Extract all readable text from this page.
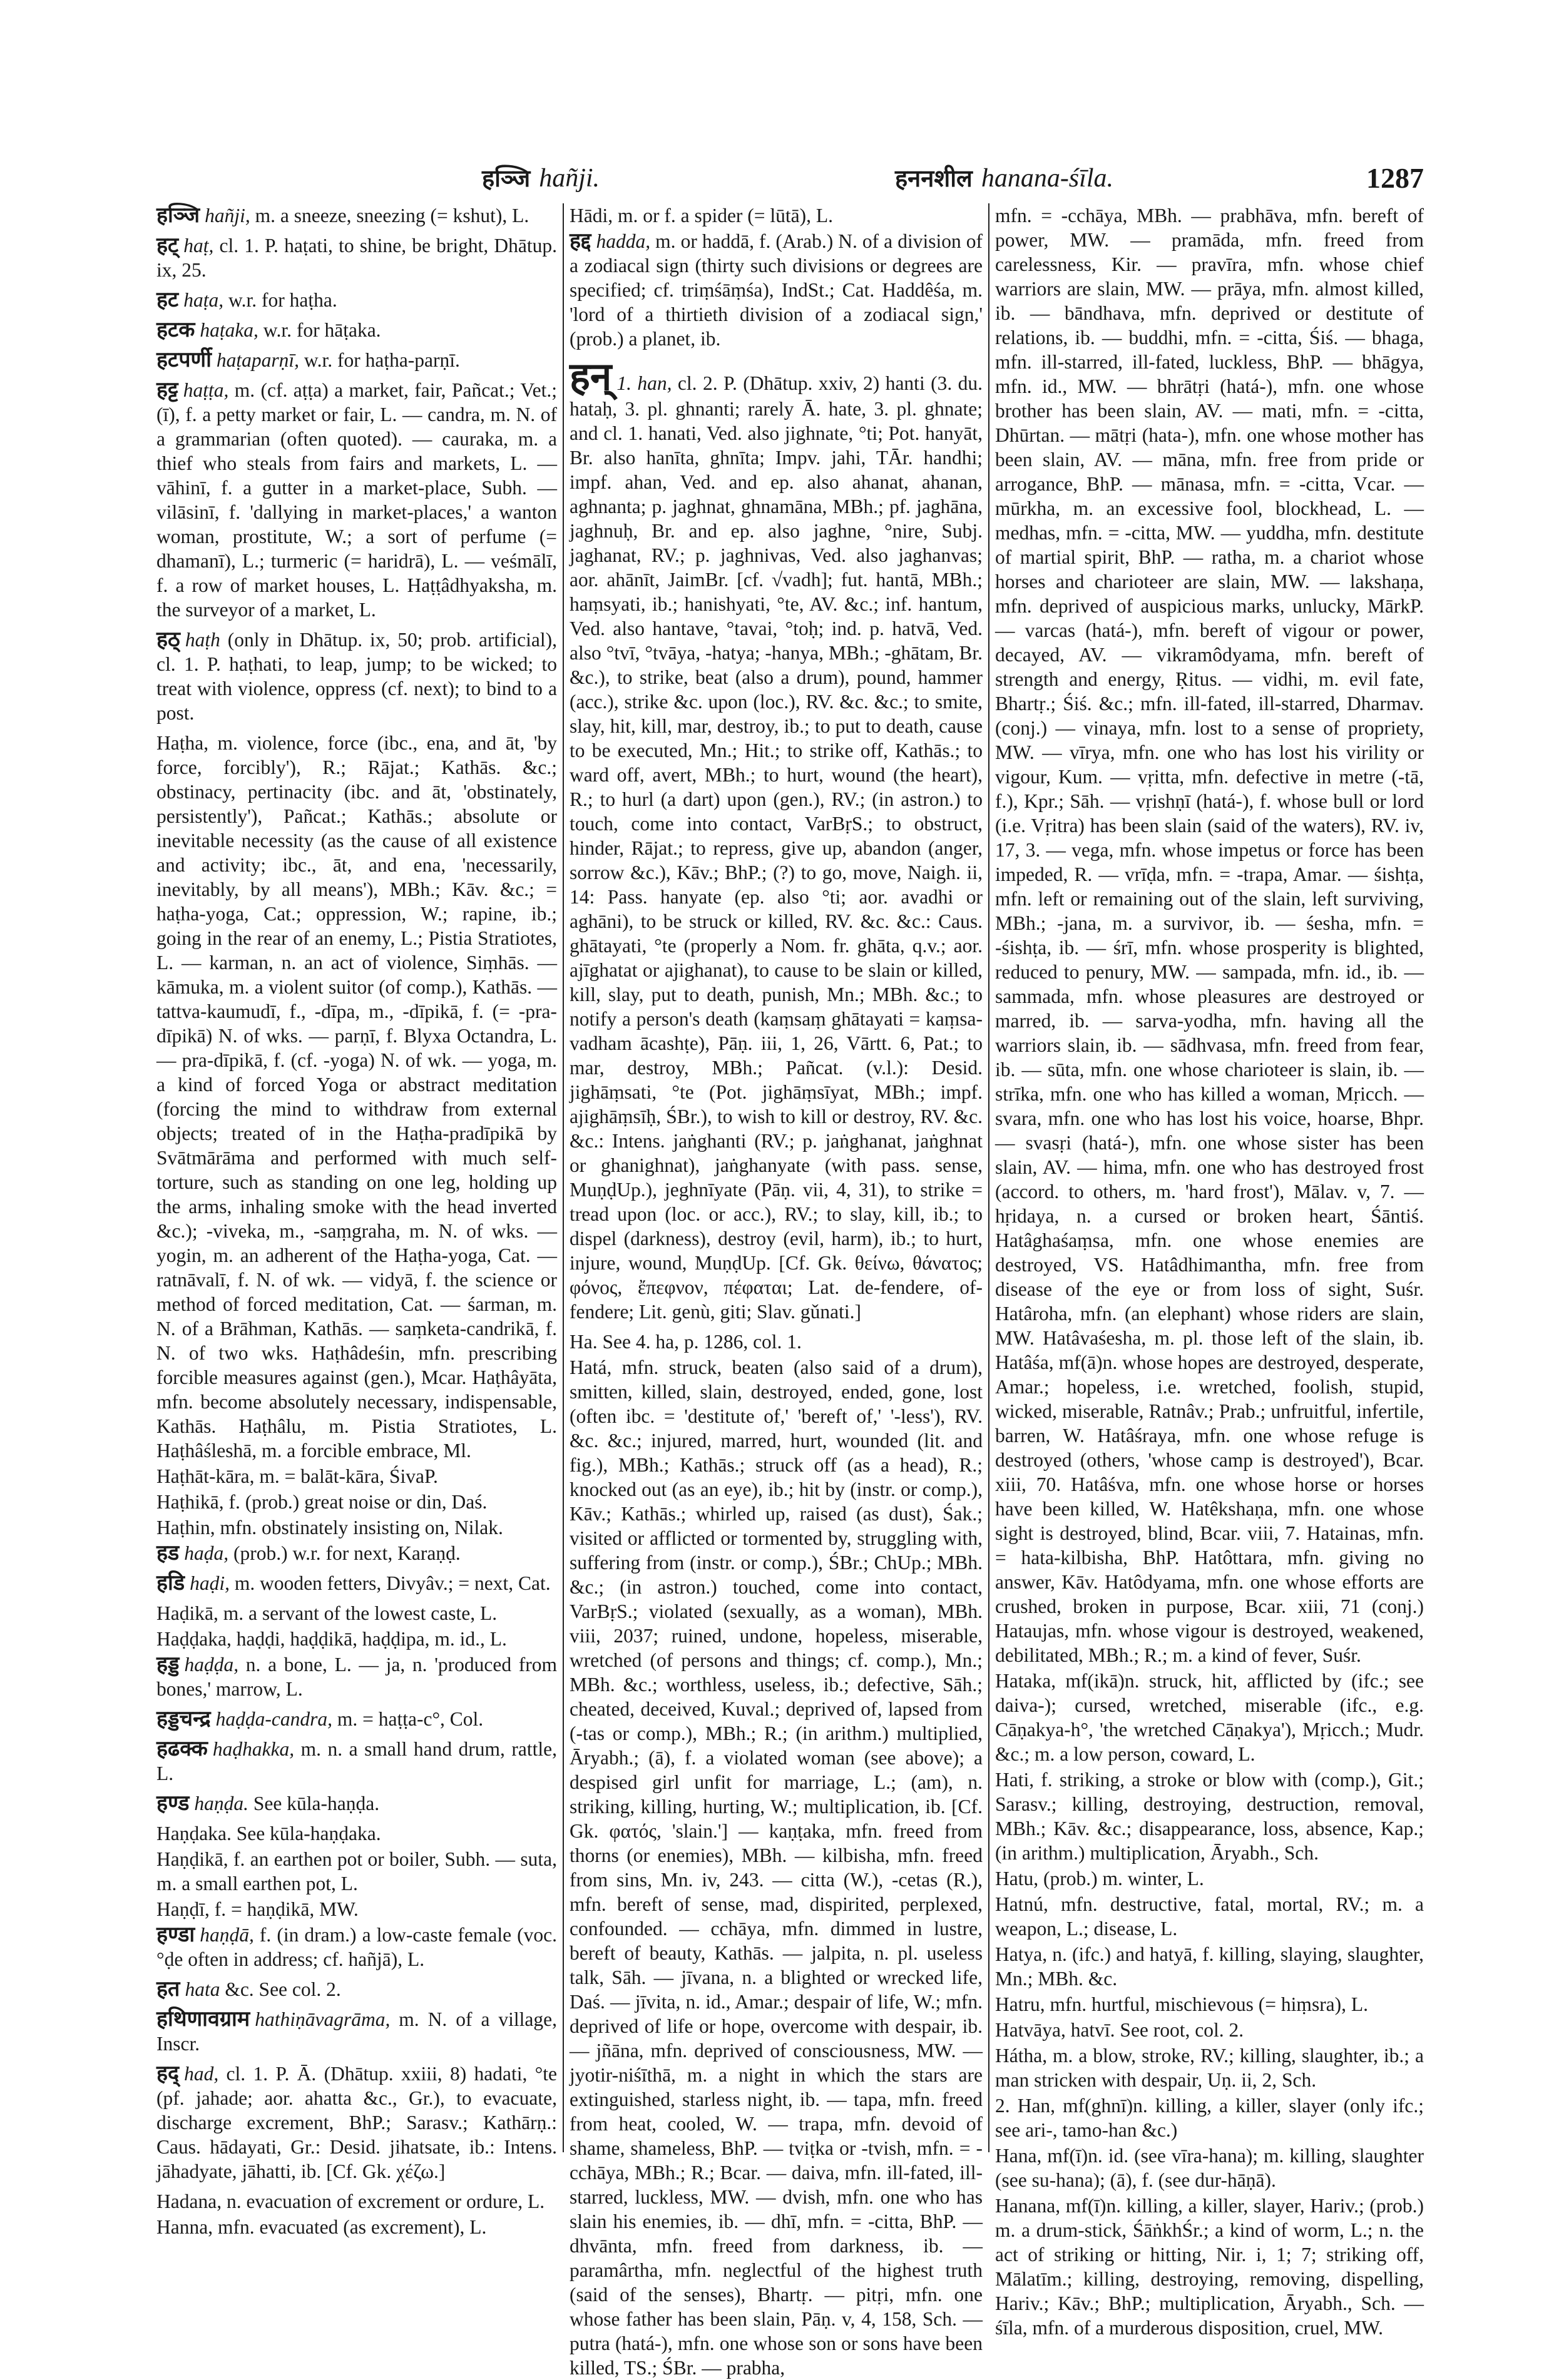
हञ्जि hañji.	हननशील hanana-śīla.	1287

हञ्जि hañji, m. a sneeze, sneezing (= kshut), L.

हट् haṭ, cl. 1. P. haṭati, to shine, be bright, Dhātup. ix, 25.

हट haṭa, w.r. for haṭha.

हटक haṭaka, w.r. for hāṭaka.

हटपर्णी haṭaparṇī, w.r. for haṭha-parṇī.

हट्ट haṭṭa, m. (cf. aṭṭa) a market, fair, Pañcat.; Vet.; (ī), f. a petty market or fair, L. — candra, m. N. of a grammarian (often quoted). — cauraka, m. a thief who steals from fairs and markets, L. — vāhinī, f. a gutter in a market-place, Subh. — vilāsinī, f. 'dallying in market-places,' a wanton woman, prostitute, W.; a sort of perfume (= dhamanī), L.; turmeric (= haridrā), L. — veśmālī, f. a row of market houses, L. Haṭṭâdhyaksha, m. the surveyor of a market, L.

हठ् haṭh (only in Dhātup. ix, 50; prob. artificial), cl. 1. P. haṭhati, to leap, jump; to be wicked; to treat with violence, oppress (cf. next); to bind to a post.

Haṭha, m. violence, force (ibc., ena, and āt, 'by force, forcibly'), R.; Rājat.; Kathās. &c.; obstinacy, pertinacity (ibc. and āt, 'obstinately, persistently'), Pañcat.; Kathās.; absolute or inevitable necessity (as the cause of all existence and activity; ibc., āt, and ena, 'necessarily, inevitably, by all means'), MBh.; Kāv. &c.; = haṭha-yoga, Cat.; oppression, W.; rapine, ib.; going in the rear of an enemy, L.; Pistia Stratiotes, L. — karman, n. an act of violence, Siṃhās. — kāmuka, m. a violent suitor (of comp.), Kathās. — tattva-kaumudī, f., -dīpa, m., -dīpikā, f. (= -pra-dīpikā) N. of wks. — parṇī, f. Blyxa Octandra, L. — pra-dīpikā, f. (cf. -yoga) N. of wk. — yoga, m. a kind of forced Yoga or abstract meditation (forcing the mind to withdraw from external objects; treated of in the Haṭha-pradīpikā by Svātmārāma and performed with much self-torture, such as standing on one leg, holding up the arms, inhaling smoke with the head inverted &c.); -viveka, m., -saṃgraha, m. N. of wks. — yogin, m. an adherent of the Haṭha-yoga, Cat. — ratnāvalī, f. N. of wk. — vidyā, f. the science or method of forced meditation, Cat. — śarman, m. N. of a Brāhman, Kathās. — saṃketa-candrikā, f. N. of two wks. Haṭhâdeśin, mfn. prescribing forcible measures against (gen.), Mcar. Haṭhâyāta, mfn. become absolutely necessary, indispensable, Kathās. Haṭhâlu, m. Pistia Stratiotes, L. Haṭhâśleshā, m. a forcible embrace, Ml.

Haṭhāt-kāra, m. = balāt-kāra, ŚivaP.

Haṭhikā, f. (prob.) great noise or din, Daś.

Haṭhin, mfn. obstinately insisting on, Nilak.

हड haḍa, (prob.) w.r. for next, Karaṇḍ.

हडि haḍi, m. wooden fetters, Divyâv.; = next, Cat.

Haḍikā, m. a servant of the lowest caste, L.

Haḍḍaka, haḍḍi, haḍḍikā, haḍḍipa, m. id., L.

हड्ड haḍḍa, n. a bone, L. — ja, n. 'produced from bones,' marrow, L.

हड्डचन्द्र haḍḍa-candra, m. = haṭṭa-c°, Col.

हढक्क haḍhakka, m. n. a small hand drum, rattle, L.

हण्ड haṇḍa. See kūla-haṇḍa.

Haṇḍaka. See kūla-haṇḍaka.

Haṇḍikā, f. an earthen pot or boiler, Subh. — suta, m. a small earthen pot, L.

Haṇḍī, f. = haṇḍikā, MW.

हण्डा haṇḍā, f. (in dram.) a low-caste female (voc. °ḍe often in address; cf. hañjā), L.

हत hata &c. See col. 2.

हथिणावग्राम hathiṇāvagrāma, m. N. of a village, Inscr.

हद् had, cl. 1. P. Ā. (Dhātup. xxiii, 8) hadati, °te (pf. jahade; aor. ahatta &c., Gr.), to evacuate, discharge excrement, BhP.; Sarasv.; Kathārṇ.: Caus. hādayati, Gr.: Desid. jihatsate, ib.: Intens. jāhadyate, jāhatti, ib. [Cf. Gk. χέζω.]

Hadana, n. evacuation of excrement or ordure, L.

Hanna, mfn. evacuated (as excrement), L.

Hādi, m. or f. a spider (= lūtā), L.

हद्द hadda, m. or haddā, f. (Arab.) N. of a division of a zodiacal sign (thirty such divisions or degrees are specified; cf. triṃśāṃśa), IndSt.; Cat. Haddêśa, m. 'lord of a thirtieth division of a zodiacal sign,' (prob.) a planet, ib.

हन् 1. han, cl. 2. P. (Dhātup. xxiv, 2) hanti (3. du. hataḥ, 3. pl. ghnanti; rarely Ā. hate, 3. pl. ghnate; and cl. 1. hanati, Ved. also jighnate, °ti; Pot. hanyāt, Br. also hanīta, ghnīta; Impv. jahi, TĀr. handhi; impf. ahan, Ved. and ep. also ahanat, ahanan, aghnanta; p. jaghnat, ghnamāna, MBh.; pf. jaghāna, jaghnuḥ, Br. and ep. also jaghne, °nire, Subj. jaghanat, RV.; p. jaghnivas, Ved. also jaghanvas; aor. ahānīt, JaimBr. [cf. √vadh]; fut. hantā, MBh.; haṃsyati, ib.; hanishyati, °te, AV. &c.; inf. hantum, Ved. also hantave, °tavai, °toḥ; ind. p. hatvā, Ved. also °tvī, °tvāya, -hatya; -hanya, MBh.; -ghātam, Br. &c.), to strike, beat (also a drum), pound, hammer (acc.), strike &c. upon (loc.), RV. &c. &c.; to smite, slay, hit, kill, mar, destroy, ib.; to put to death, cause to be executed, Mn.; Hit.; to strike off, Kathās.; to ward off, avert, MBh.; to hurt, wound (the heart), R.; to hurl (a dart) upon (gen.), RV.; (in astron.) to touch, come into contact, VarBṛS.; to obstruct, hinder, Rājat.; to repress, give up, abandon (anger, sorrow &c.), Kāv.; BhP.; (?) to go, move, Naigh. ii, 14: Pass. hanyate (ep. also °ti; aor. avadhi or aghāni), to be struck or killed, RV. &c. &c.: Caus. ghātayati, °te (properly a Nom. fr. ghāta, q.v.; aor. ajīghatat or ajighanat), to cause to be slain or killed, kill, slay, put to death, punish, Mn.; MBh. &c.; to notify a person's death (kaṃsaṃ ghātayati = kaṃsa-vadham ācashṭe), Pāṇ. iii, 1, 26, Vārtt. 6, Pat.; to mar, destroy, MBh.; Pañcat. (v.l.): Desid. jighāṃsati, °te (Pot. jighāṃsīyat, MBh.; impf. ajighāṃsīḥ, ŚBr.), to wish to kill or destroy, RV. &c. &c.: Intens. jaṅghanti (RV.; p. jaṅghanat, jaṅghnat or ghanighnat), jaṅghanyate (with pass. sense, MuṇḍUp.), jeghnīyate (Pāṇ. vii, 4, 31), to strike = tread upon (loc. or acc.), RV.; to slay, kill, ib.; to dispel (darkness), destroy (evil, harm), ib.; to hurt, injure, wound, MuṇḍUp. [Cf. Gk. θείνω, θάνατος; φόνος, ἔπεφνον, πέφαται; Lat. de-fendere, of-fendere; Lit. genù, giti; Slav. gǔnati.]

Ha. See 4. ha, p. 1286, col. 1.

Hatá, mfn. struck, beaten (also said of a drum), smitten, killed, slain, destroyed, ended, gone, lost (often ibc. = 'destitute of,' 'bereft of,' '-less'), RV. &c. &c.; injured, marred, hurt, wounded (lit. and fig.), MBh.; Kathās.; struck off (as a head), R.; knocked out (as an eye), ib.; hit by (instr. or comp.), Kāv.; Kathās.; whirled up, raised (as dust), Śak.; visited or afflicted or tormented by, struggling with, suffering from (instr. or comp.), ŚBr.; ChUp.; MBh. &c.; (in astron.) touched, come into contact, VarBṛS.; violated (sexually, as a woman), MBh. viii, 2037; ruined, undone, hopeless, miserable, wretched (of persons and things; cf. comp.), Mn.; MBh. &c.; worthless, useless, ib.; defective, Sāh.; cheated, deceived, Kuval.; deprived of, lapsed from (-tas or comp.), MBh.; R.; (in arithm.) multiplied, Āryabh.; (ā), f. a violated woman (see above); a despised girl unfit for marriage, L.; (am), n. striking, killing, hurting, W.; multiplication, ib. [Cf. Gk. φατός, 'slain.'] — kaṇṭaka, mfn. freed from thorns (or enemies), MBh. — kilbisha, mfn. freed from sins, Mn. iv, 243. — citta (W.), -cetas (R.), mfn. bereft of sense, mad, dispirited, perplexed, confounded. — cchāya, mfn. dimmed in lustre, bereft of beauty, Kathās. — jalpita, n. pl. useless talk, Sāh. — jīvana, n. a blighted or wrecked life, Daś. — jīvita, n. id., Amar.; despair of life, W.; mfn. deprived of life or hope, overcome with despair, ib. — jñāna, mfn. deprived of consciousness, MW. — jyotir-niśīthā, m. a night in which the stars are extinguished, starless night, ib. — tapa, mfn. freed from heat, cooled, W. — trapa, mfn. devoid of shame, shameless, BhP. — tviṭka or -tvish, mfn. = -cchāya, MBh.; R.; Bcar. — daiva, mfn. ill-fated, ill-starred, luckless, MW. — dvish, mfn. one who has slain his enemies, ib. — dhī, mfn. = -citta, BhP. — dhvānta, mfn. freed from darkness, ib. — paramârtha, mfn. neglectful of the highest truth (said of the senses), Bhartṛ. — pitṛi, mfn. one whose father has been slain, Pāṇ. v, 4, 158, Sch. — putra (hatá-), mfn. one whose son or sons have been killed, TS.; ŚBr. — prabha,

mfn. = -cchāya, MBh. — prabhāva, mfn. bereft of power, MW. — pramāda, mfn. freed from carelessness, Kir. — pravīra, mfn. whose chief warriors are slain, MW. — prāya, mfn. almost killed, ib. — bāndhava, mfn. deprived or destitute of relations, ib. — buddhi, mfn. = -citta, Śiś. — bhaga, mfn. ill-starred, ill-fated, luckless, BhP. — bhāgya, mfn. id., MW. — bhrātṛi (hatá-), mfn. one whose brother has been slain, AV. — mati, mfn. = -citta, Dhūrtan. — mātṛi (hata-), mfn. one whose mother has been slain, AV. — māna, mfn. free from pride or arrogance, BhP. — mānasa, mfn. = -citta, Vcar. — mūrkha, m. an excessive fool, blockhead, L. — medhas, mfn. = -citta, MW. — yuddha, mfn. destitute of martial spirit, BhP. — ratha, m. a chariot whose horses and charioteer are slain, MW. — lakshaṇa, mfn. deprived of auspicious marks, unlucky, MārkP. — varcas (hatá-), mfn. bereft of vigour or power, decayed, AV. — vikramôdyama, mfn. bereft of strength and energy, Ṛitus. — vidhi, m. evil fate, Bhartṛ.; Śiś. &c.; mfn. ill-fated, ill-starred, Dharmav. (conj.) — vinaya, mfn. lost to a sense of propriety, MW. — vīrya, mfn. one who has lost his virility or vigour, Kum. — vṛitta, mfn. defective in metre (-tā, f.), Kpr.; Sāh. — vṛishṇī (hatá-), f. whose bull or lord (i.e. Vṛitra) has been slain (said of the waters), RV. iv, 17, 3. — vega, mfn. whose impetus or force has been impeded, R. — vrīḍa, mfn. = -trapa, Amar. — śishṭa, mfn. left or remaining out of the slain, left surviving, MBh.; -jana, m. a survivor, ib. — śesha, mfn. = -śishṭa, ib. — śrī, mfn. whose prosperity is blighted, reduced to penury, MW. — sampada, mfn. id., ib. — sammada, mfn. whose pleasures are destroyed or marred, ib. — sarva-yodha, mfn. having all the warriors slain, ib. — sādhvasa, mfn. freed from fear, ib. — sūta, mfn. one whose charioteer is slain, ib. — strīka, mfn. one who has killed a woman, Mṛicch. — svara, mfn. one who has lost his voice, hoarse, Bhpr. — svasṛi (hatá-), mfn. one whose sister has been slain, AV. — hima, mfn. one who has destroyed frost (accord. to others, m. 'hard frost'), Mālav. v, 7. — hṛidaya, n. a cursed or broken heart, Śāntiś. Hatâghaśaṃsa, mfn. one whose enemies are destroyed, VS. Hatâdhimantha, mfn. free from disease of the eye or from loss of sight, Suśr. Hatâroha, mfn. (an elephant) whose riders are slain, MW. Hatâvaśesha, m. pl. those left of the slain, ib. Hatâśa, mf(ā)n. whose hopes are destroyed, desperate, Amar.; hopeless, i.e. wretched, foolish, stupid, wicked, miserable, Ratnâv.; Prab.; unfruitful, infertile, barren, W. Hatâśraya, mfn. one whose refuge is destroyed (others, 'whose camp is destroyed'), Bcar. xiii, 70. Hatâśva, mfn. one whose horse or horses have been killed, W. Hatêkshaṇa, mfn. one whose sight is destroyed, blind, Bcar. viii, 7. Hatainas, mfn. = hata-kilbisha, BhP. Hatôttara, mfn. giving no answer, Kāv. Hatôdyama, mfn. one whose efforts are crushed, broken in purpose, Bcar. xiii, 71 (conj.) Hataujas, mfn. whose vigour is destroyed, weakened, debilitated, MBh.; R.; m. a kind of fever, Suśr.

Hataka, mf(ikā)n. struck, hit, afflicted by (ifc.; see daiva-); cursed, wretched, miserable (ifc., e.g. Cāṇakya-h°, 'the wretched Cāṇakya'), Mṛicch.; Mudr. &c.; m. a low person, coward, L.

Hati, f. striking, a stroke or blow with (comp.), Git.; Sarasv.; killing, destroying, destruction, removal, MBh.; Kāv. &c.; disappearance, loss, absence, Kap.; (in arithm.) multiplication, Āryabh., Sch.

Hatu, (prob.) m. winter, L.

Hatnú, mfn. destructive, fatal, mortal, RV.; m. a weapon, L.; disease, L.

Hatya, n. (ifc.) and hatyā, f. killing, slaying, slaughter, Mn.; MBh. &c.

Hatru, mfn. hurtful, mischievous (= hiṃsra), L.

Hatvāya, hatvī. See root, col. 2.

Hátha, m. a blow, stroke, RV.; killing, slaughter, ib.; a man stricken with despair, Uṇ. ii, 2, Sch.

2. Han, mf(ghnī)n. killing, a killer, slayer (only ifc.; see ari-, tamo-han &c.)

Hana, mf(ī)n. id. (see vīra-hana); m. killing, slaughter (see su-hana); (ā), f. (see dur-hāṇā).

Hanana, mf(ī)n. killing, a killer, slayer, Hariv.; (prob.) m. a drum-stick, ŚāṅkhŚr.; a kind of worm, L.; n. the act of striking or hitting, Nir. i, 1; 7; striking off, Mālatīm.; killing, destroying, removing, dispelling, Hariv.; Kāv.; BhP.; multiplication, Āryabh., Sch. — śīla, mfn. of a murderous disposition, cruel, MW.
